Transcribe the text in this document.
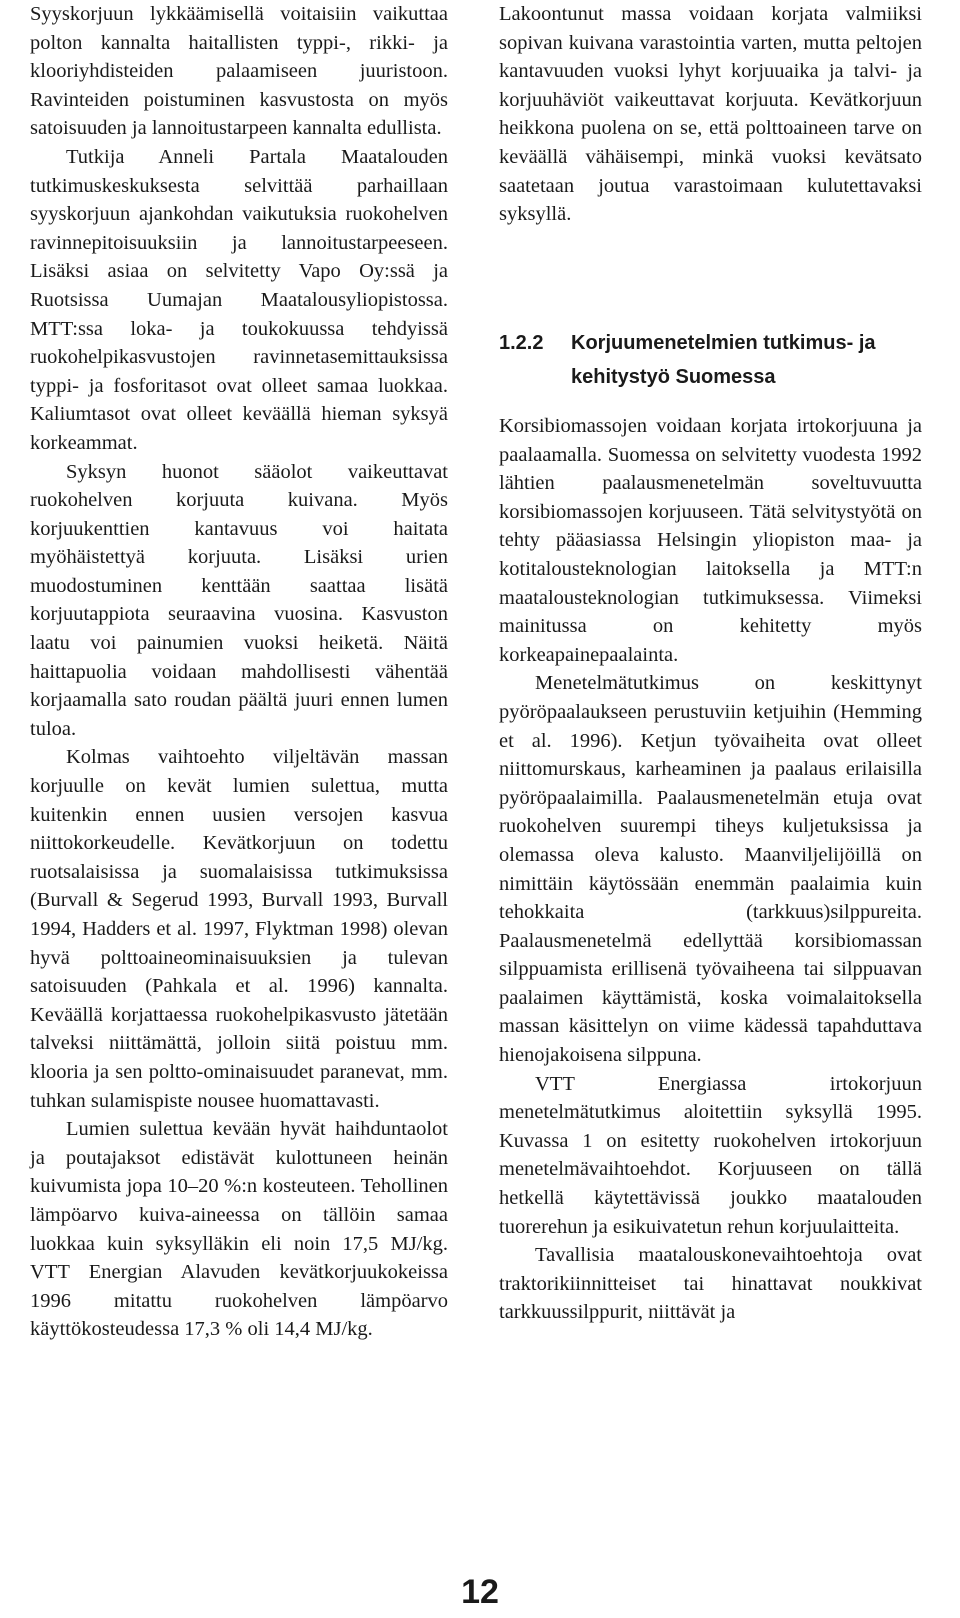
Syyskorjuun lykkäämisellä voitaisiin vaikuttaa polton kannalta haitallisten typpi-, rikki- ja klooriyhdisteiden palaamiseen juuristoon. Ravinteiden poistuminen kasvustosta on myös satoisuuden ja lannoitustarpeen kannalta edullista.

Tutkija Anneli Partala Maatalouden tutkimuskeskuksesta selvittää parhaillaan syyskorjuun ajankohdan vaikutuksia ruokohelven ravinnepitoisuuksiin ja lannoitustarpeeseen. Lisäksi asiaa on selvitetty Vapo Oy:ssä ja Ruotsissa Uumajan Maatalousyliopistossa. MTT:ssa loka- ja toukokuussa tehdyissä ruokohelpikasvustojen ravinnetasemittauksissa typpi- ja fosforitasot ovat olleet samaa luokkaa. Kaliumtasot ovat olleet keväällä hieman syksyä korkeammat.

Syksyn huonot sääolot vaikeuttavat ruokohelven korjuuta kuivana. Myös korjuukenttien kantavuus voi haitata myöhäistettyä korjuuta. Lisäksi urien muodostuminen kenttään saattaa lisätä korjuutappiota seuraavina vuosina. Kasvuston laatu voi painumien vuoksi heiketä. Näitä haittapuolia voidaan mahdollisesti vähentää korjaamalla sato roudan päältä juuri ennen lumen tuloa.

Kolmas vaihtoehto viljeltävän massan korjuulle on kevät lumien sulettua, mutta kuitenkin ennen uusien versojen kasvua niittokorkeudelle. Kevätkorjuun on todettu ruotsalaisissa ja suomalaisissa tutkimuksissa (Burvall & Segerud 1993, Burvall 1993, Burvall 1994, Hadders et al. 1997, Flyktman 1998) olevan hyvä polttoaineominaisuuksien ja tulevan satoisuuden (Pahkala et al. 1996) kannalta. Keväällä korjattaessa ruokohelpikasvusto jätetään talveksi niittämättä, jolloin siitä poistuu mm. klooria ja sen poltto-ominaisuudet paranevat, mm. tuhkan sulamispiste nousee huomattavasti.

Lumien sulettua kevään hyvät haihduntaolot ja poutajaksot edistävät kulottuneen heinän kuivumista jopa 10–20 %:n kosteuteen. Tehollinen lämpöarvo kuiva-aineessa on tällöin samaa luokkaa kuin syksylläkin eli noin 17,5 MJ/kg. VTT Energian Alavuden kevätkorjuukokeissa 1996 mitattu ruokohelven lämpöarvo käyttökosteudessa 17,3 % oli 14,4 MJ/kg.

Lakoontunut massa voidaan korjata valmiiksi sopivan kuivana varastointia varten, mutta peltojen kantavuuden vuoksi lyhyt korjuuaika ja talvi- ja korjuuhäviöt vaikeuttavat korjuuta. Kevätkorjuun heikkona puolena on se, että polttoaineen tarve on keväällä vähäisempi, minkä vuoksi kevätsato saatetaan joutua varastoimaan kulutettavaksi syksyllä.

1.2.2	Korjuumenetelmien tutkimus- ja kehitystyö Suomessa

Korsibiomassojen voidaan korjata irtokorjuuna ja paalaamalla. Suomessa on selvitetty vuodesta 1992 lähtien paalausmenetelmän soveltuvuutta korsibiomassojen korjuuseen. Tätä selvitystyötä on tehty pääasiassa Helsingin yliopiston maa- ja kotitalousteknologian laitoksella ja MTT:n maatalousteknologian tutkimuksessa. Viimeksi mainitussa on kehitetty myös korkeapainepaalainta.

Menetelmätutkimus on keskittynyt pyöröpaalaukseen perustuviin ketjuihin (Hemming et al. 1996). Ketjun työvaiheita ovat olleet niittomurskaus, karheaminen ja paalaus erilaisilla pyöröpaalaimilla. Paalausmenetelmän etuja ovat ruokohelven suurempi tiheys kuljetuksissa ja olemassa oleva kalusto. Maanviljelijöillä on nimittäin käytössään enemmän paalaimia kuin tehokkaita (tarkkuus)silppureita. Paalausmenetelmä edellyttää korsibiomassan silppuamista erillisenä työvaiheena tai silppuavan paalaimen käyttämistä, koska voimalaitoksella massan käsittelyn on viime kädessä tapahduttava hienojakoisena silppuna.

VTT Energiassa irtokorjuun menetelmätutkimus aloitettiin syksyllä 1995. Kuvassa 1 on esitetty ruokohelven irtokorjuun menetelmävaihtoehdot. Korjuuseen on tällä hetkellä käytettävissä joukko maatalouden tuorerehun ja esikuivatetun rehun korjuulaitteita.

Tavallisia maatalouskonevaihtoehtoja ovat traktorikiinnitteiset tai hinattavat noukkivat tarkkuussilppurit, niittävät ja

12
